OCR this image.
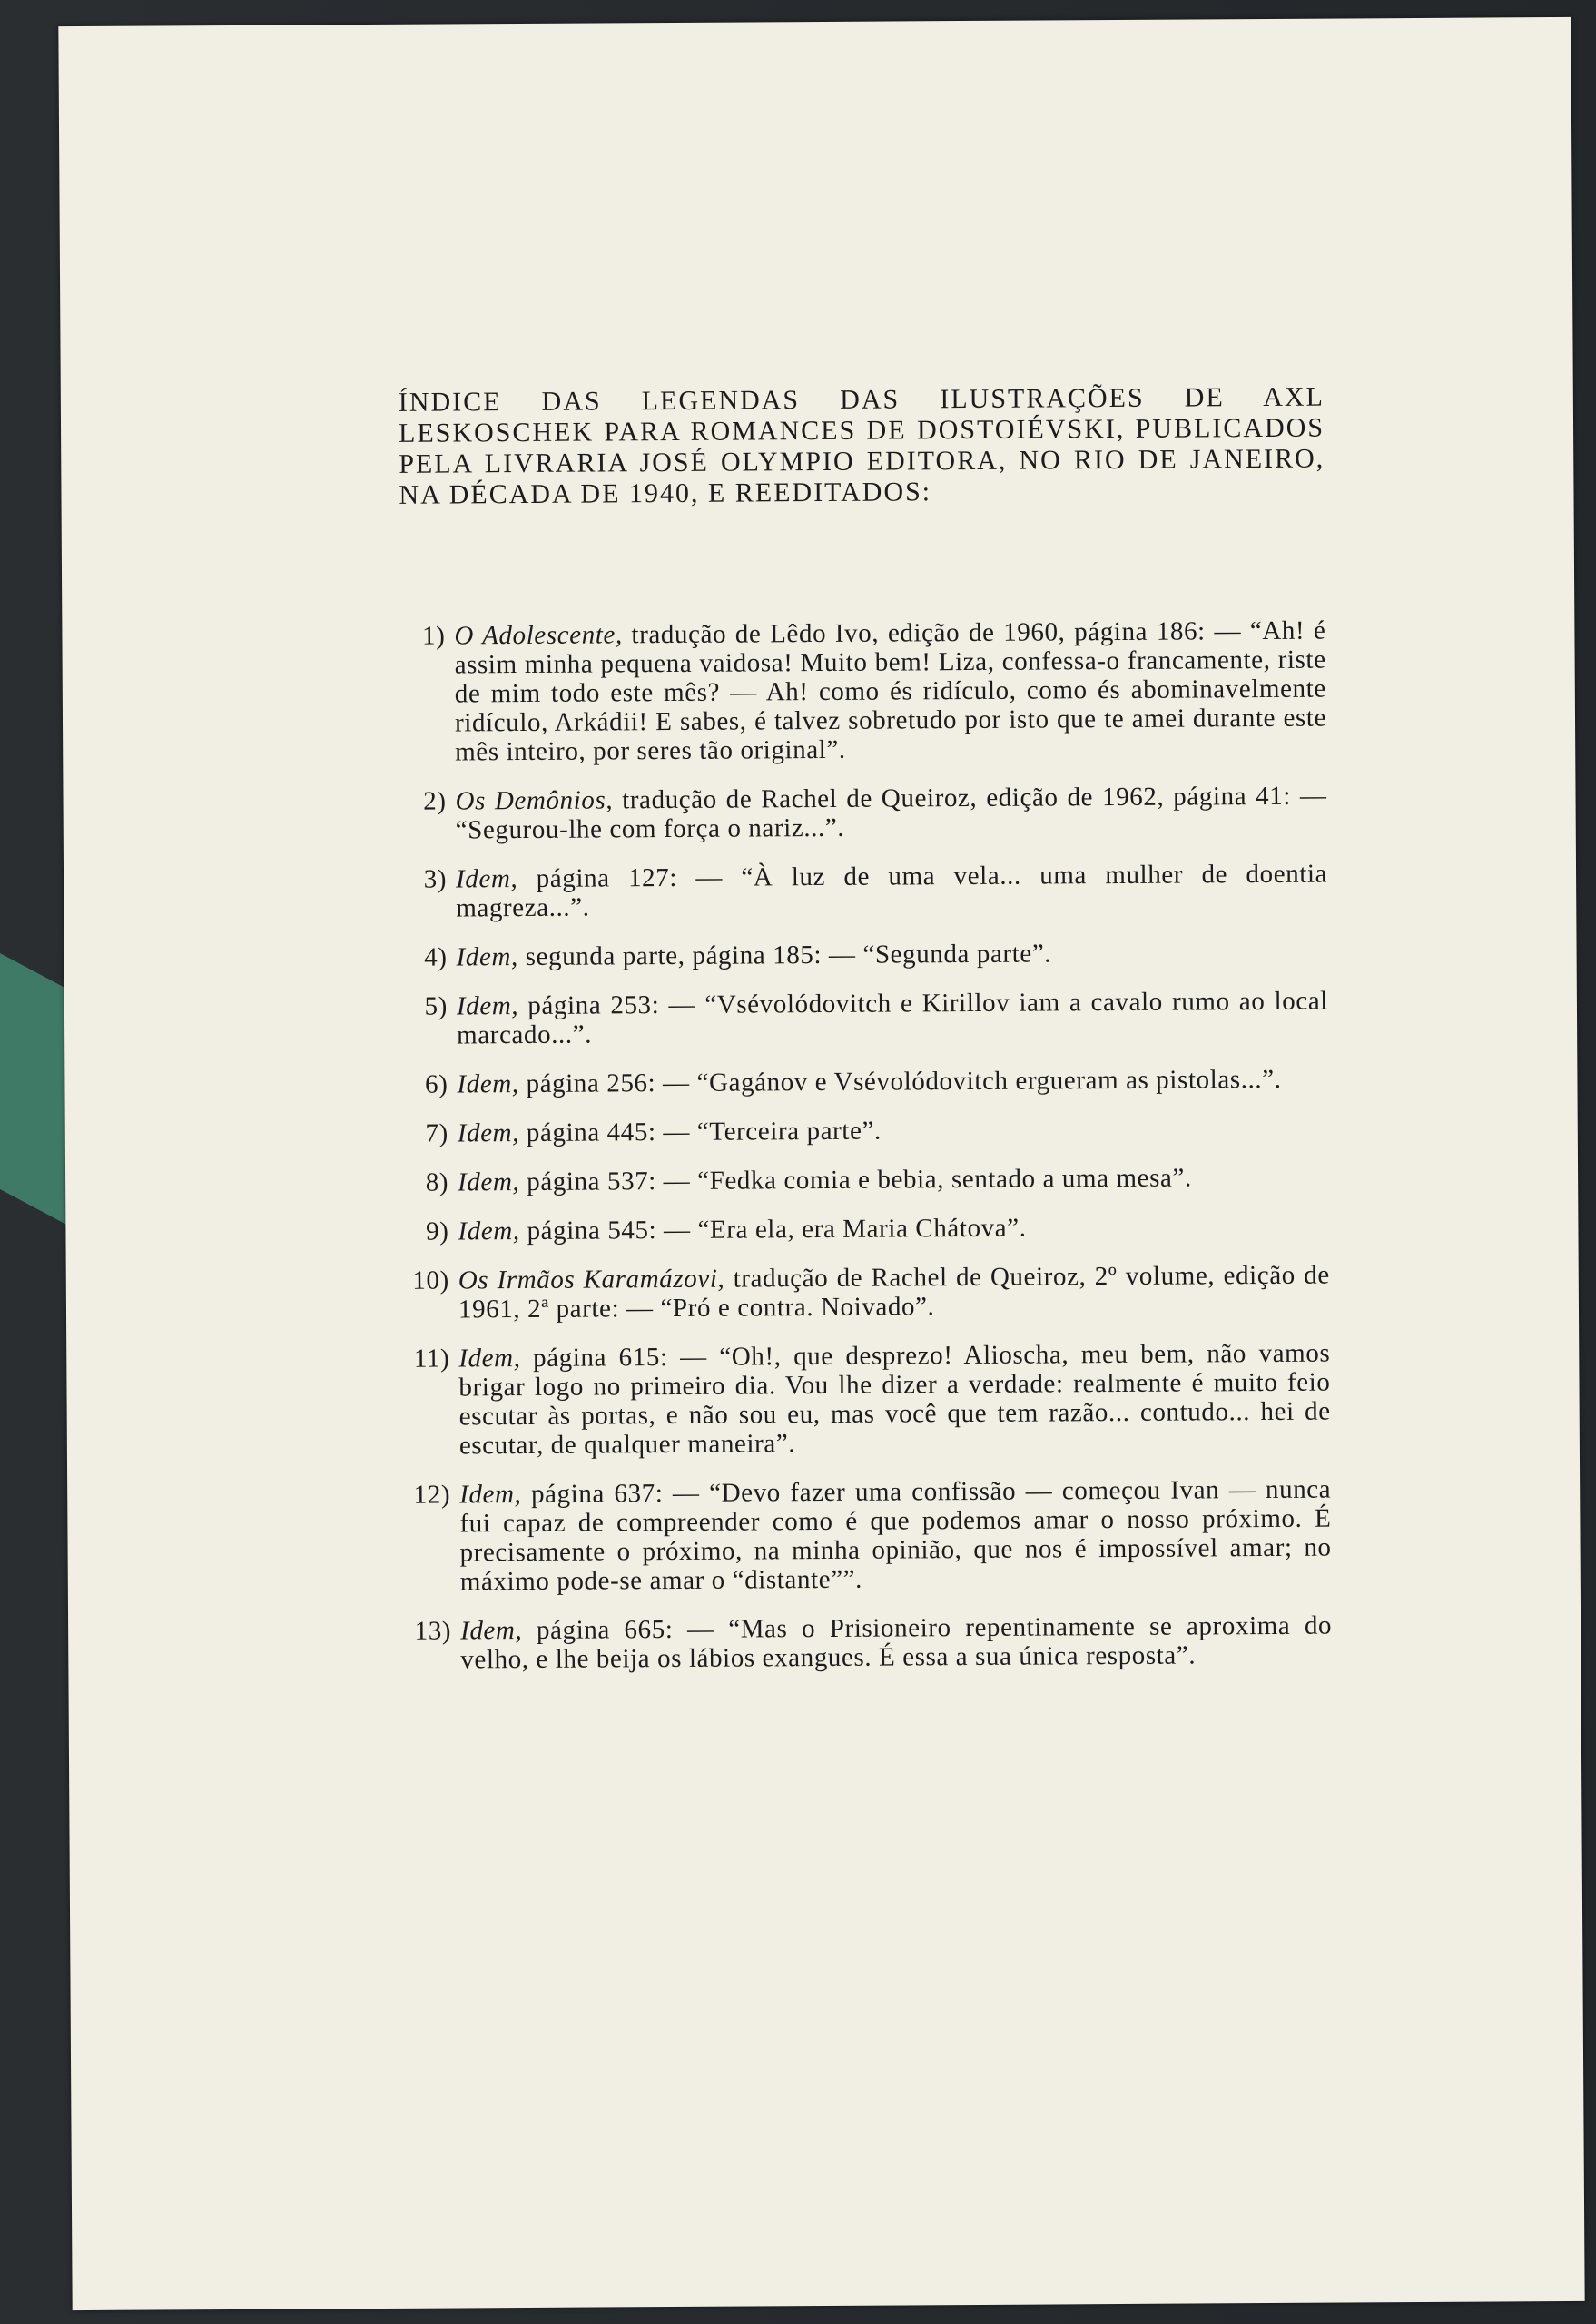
ÍNDICE DAS LEGENDAS DAS ILUSTRAÇÕES DE AXL LESKOSCHEK PARA ROMANCES DE DOSTOIÉVSKI, PUBLICADOS PELA LIVRARIA JOSÉ OLYMPIO EDITORA, NO RIO DE JANEIRO, NA DÉCADA DE 1940, E REEDITADOS:
1) O Adolescente, tradução de Lêdo Ivo, edição de 1960, página 186: — “Ah! é assim minha pequena vaidosa! Muito bem! Liza, confessa-o francamente, riste de mim todo este mês? — Ah! como és ridículo, como és abominavelmente ridículo, Arkádii! E sabes, é talvez sobretudo por isto que te amei durante este mês inteiro, por seres tão original”.
2) Os Demônios, tradução de Rachel de Queiroz, edição de 1962, página 41: — “Segurou-lhe com força o nariz...”.
3) Idem, página 127: — “À luz de uma vela... uma mulher de doentia magreza...”.
4) Idem, segunda parte, página 185: — “Segunda parte”.
5) Idem, página 253: — “Vsévolódovitch e Kirillov iam a cavalo rumo ao local marcado...”.
6) Idem, página 256: — “Gagánov e Vsévolódovitch ergueram as pistolas...”.
7) Idem, página 445: — “Terceira parte”.
8) Idem, página 537: — “Fedka comia e bebia, sentado a uma mesa”.
9) Idem, página 545: — “Era ela, era Maria Chátova”.
10) Os Irmãos Karamázovi, tradução de Rachel de Queiroz, 2º volume, edição de 1961, 2ª parte: — “Pró e contra. Noivado”.
11) Idem, página 615: — “Oh!, que desprezo! Alioscha, meu bem, não vamos brigar logo no primeiro dia. Vou lhe dizer a verdade: realmente é muito feio escutar às portas, e não sou eu, mas você que tem razão... contudo... hei de escutar, de qualquer maneira”.
12) Idem, página 637: — “Devo fazer uma confissão — começou Ivan — nunca fui capaz de compreender como é que podemos amar o nosso próximo. É precisamente o próximo, na minha opinião, que nos é impossível amar; no máximo pode-se amar o “distante””.
13) Idem, página 665: — “Mas o Prisioneiro repentinamente se aproxima do velho, e lhe beija os lábios exangues. É essa a sua única resposta”.
